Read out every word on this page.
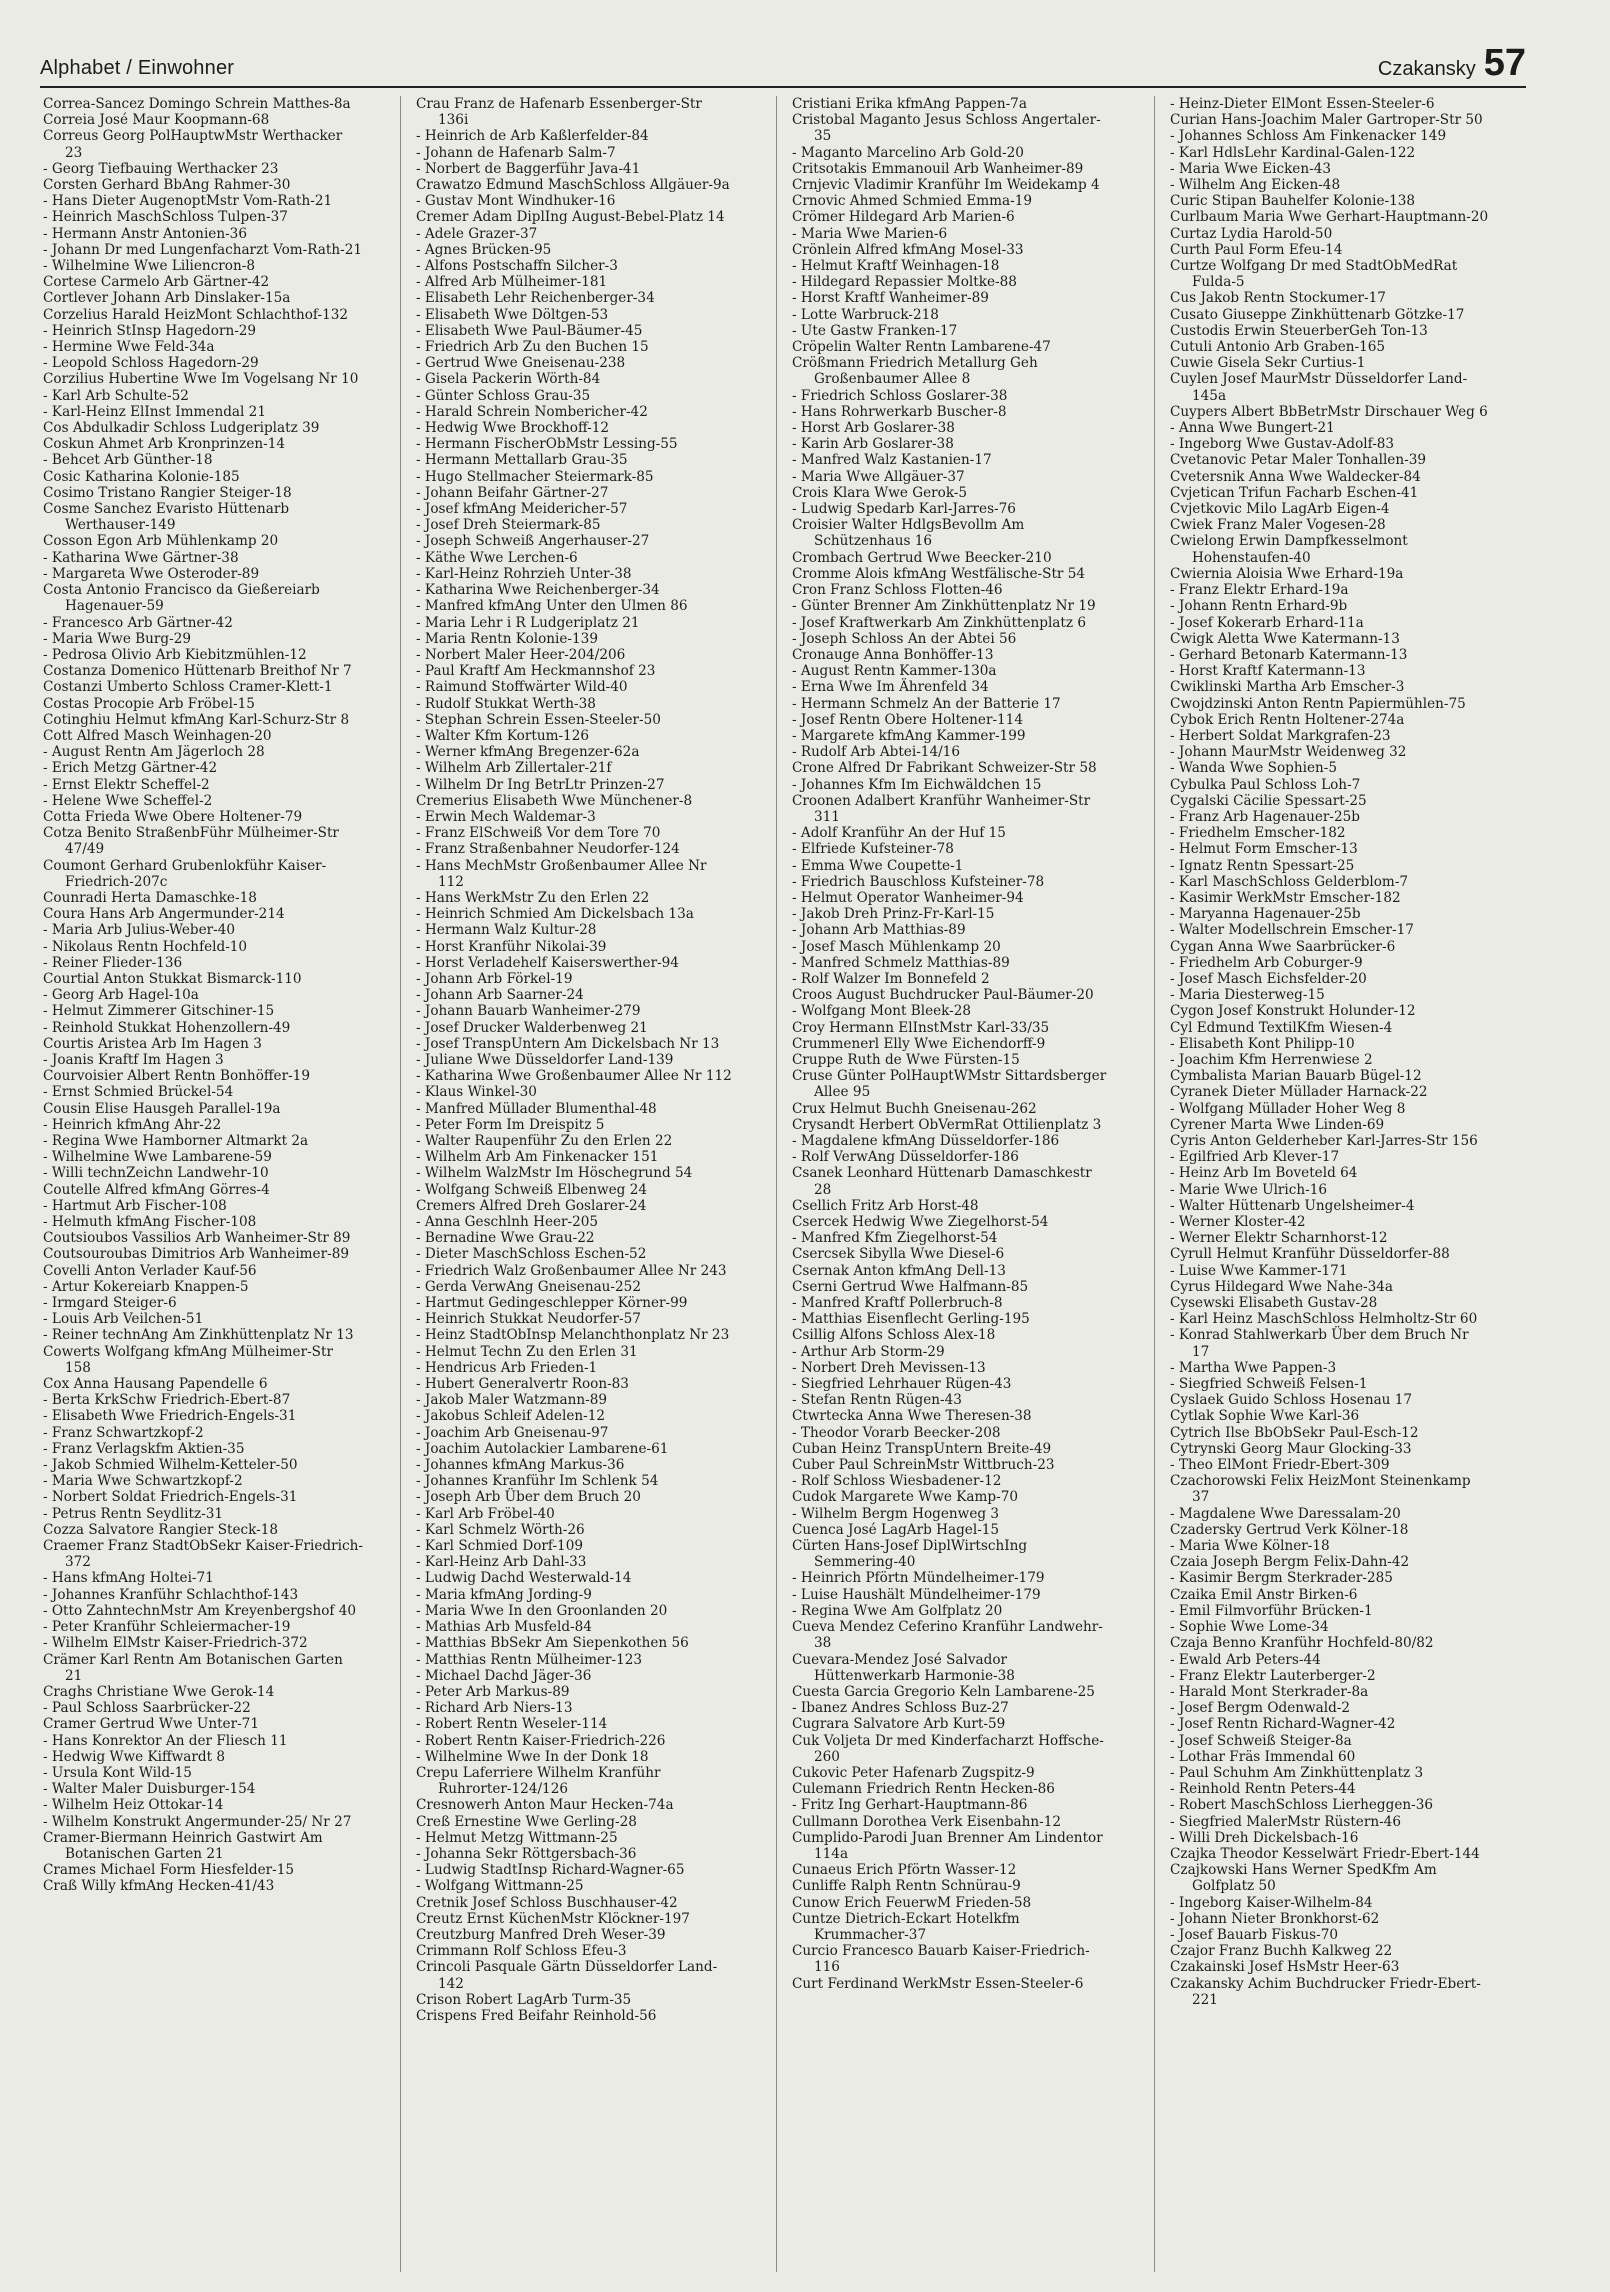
Alphabet / Einwohner	Czakansky 57
Correa-Sancez Domingo Schrein Matthes-8a
Correia José Maur Koopmann-68
Correus Georg PolHauptwMstr Werthacker 23
- Georg Tiefbauing Werthacker 23
Corsten Gerhard BbAng Rahmer-30
- Hans Dieter AugenoptMstr Vom-Rath-21
- Heinrich MaschSchloss Tulpen-37
- Hermann Anstr Antonien-36
- Johann Dr med Lungenfacharzt Vom-Rath-21
- Wilhelmine Wwe Liliencron-8
Cortese Carmelo Arb Gärtner-42
Cortlever Johann Arb Dinslaker-15a
Corzelius Harald HeizMont Schlachthof-132
- Heinrich StInsp Hagedorn-29
- Hermine Wwe Feld-34a
- Leopold Schloss Hagedorn-29
Corzilius Hubertine Wwe Im Vogelsang Nr 10
- Karl Arb Schulte-52
- Karl-Heinz ElInst Immendal 21
Cos Abdulkadir Schloss Ludgeriplatz 39
Coskun Ahmet Arb Kronprinzen-14
- Behcet Arb Günther-18
Cosic Katharina Kolonie-185
Cosimo Tristano Rangier Steiger-18
Cosme Sanchez Evaristo Hüttenarb Werthauser-149
Cosson Egon Arb Mühlenkamp 20
- Katharina Wwe Gärtner-38
- Margareta Wwe Osteroder-89
Costa Antonio Francisco da Gießereiarb Hagenauer-59
- Francesco Arb Gärtner-42
- Maria Wwe Burg-29
- Pedrosa Olivio Arb Kiebitzmühlen-12
Costanza Domenico Hüttenarb Breithof Nr 7
Costanzi Umberto Schloss Cramer-Klett-1
Costas Procopie Arb Fröbel-15
Cotinghiu Helmut kfmAng Karl-Schurz-Str 8
Cott Alfred Masch Weinhagen-20
- August Rentn Am Jägerloch 28
- Erich Metzg Gärtner-42
- Ernst Elektr Scheffel-2
- Helene Wwe Scheffel-2
Cotta Frieda Wwe Obere Holtener-79
Cotza Benito StraßenbFühr Mülheimer-Str 47/49
Coumont Gerhard Grubenlokführ Kaiser-Friedrich-207c
Counradi Herta Damaschke-18
Coura Hans Arb Angermunder-214
- Maria Arb Julius-Weber-40
- Nikolaus Rentn Hochfeld-10
- Reiner Flieder-136
Courtial Anton Stukkat Bismarck-110
- Georg Arb Hagel-10a
- Helmut Zimmerer Gitschiner-15
- Reinhold Stukkat Hohenzollern-49
Courtis Aristea Arb Im Hagen 3
- Joanis Kraftf Im Hagen 3
Courvoisier Albert Rentn Bonhöffer-19
- Ernst Schmied Brückel-54
Cousin Elise Hausgeh Parallel-19a
- Heinrich kfmAng Ahr-22
- Regina Wwe Hamborner Altmarkt 2a
- Wilhelmine Wwe Lambarene-59
- Willi technZeichn Landwehr-10
Coutelle Alfred kfmAng Görres-4
- Hartmut Arb Fischer-108
- Helmuth kfmAng Fischer-108
Coutsioubos Vassilios Arb Wanheimer-Str 89
Coutsouroubas Dimitrios Arb Wanheimer-89
Covelli Anton Verlader Kauf-56
- Artur Kokereiarb Knappen-5
- Irmgard Steiger-6
- Louis Arb Veilchen-51
- Reiner technAng Am Zinkhüttenplatz Nr 13
Cowerts Wolfgang kfmAng Mülheimer-Str 158
Cox Anna Hausang Papendelle 6
- Berta KrkSchw Friedrich-Ebert-87
- Elisabeth Wwe Friedrich-Engels-31
- Franz Schwartzkopf-2
- Franz Verlagskfm Aktien-35
- Jakob Schmied Wilhelm-Ketteler-50
- Maria Wwe Schwartzkopf-2
- Norbert Soldat Friedrich-Engels-31
- Petrus Rentn Seydlitz-31
Cozza Salvatore Rangier Steck-18
Craemer Franz StadtObSekr Kaiser-Friedrich-372
- Hans kfmAng Holtei-71
- Johannes Kranführ Schlachthof-143
- Otto ZahntechnMstr Am Kreyenbergshof 40
- Peter Kranführ Schleiermacher-19
- Wilhelm ElMstr Kaiser-Friedrich-372
Crämer Karl Rentn Am Botanischen Garten 21
Craghs Christiane Wwe Gerok-14
- Paul Schloss Saarbrücker-22
Cramer Gertrud Wwe Unter-71
- Hans Konrektor An der Fliesch 11
- Hedwig Wwe Kiffwardt 8
- Ursula Kont Wild-15
- Walter Maler Duisburger-154
- Wilhelm Heiz Ottokar-14
- Wilhelm Konstrukt Angermunder-25/ Nr 27
Cramer-Biermann Heinrich Gastwirt Am Botanischen Garten 21
Crames Michael Form Hiesfelder-15
Craß Willy kfmAng Hecken-41/43
Crau Franz de Hafenarb Essenberger-Str 136i
- Heinrich de Arb Kaßlerfelder-84
- Johann de Hafenarb Salm-7
- Norbert de Baggerführ Java-41
Crawatzo Edmund MaschSchloss Allgäuer-9a
- Gustav Mont Windhuker-16
Cremer Adam DiplIng August-Bebel-Platz 14
- Adele Grazer-37
- Agnes Brücken-95
- Alfons Postschaffn Silcher-3
- Alfred Arb Mülheimer-181
- Elisabeth Lehr Reichenberger-34
- Elisabeth Wwe Döltgen-53
- Elisabeth Wwe Paul-Bäumer-45
- Friedrich Arb Zu den Buchen 15
- Gertrud Wwe Gneisenau-238
- Gisela Packerin Wörth-84
- Günter Schloss Grau-35
- Harald Schrein Nombericher-42
- Hedwig Wwe Brockhoff-12
- Hermann FischerObMstr Lessing-55
- Hermann Mettallarb Grau-35
- Hugo Stellmacher Steiermark-85
- Johann Beifahr Gärtner-27
- Josef kfmAng Meidericher-57
- Josef Dreh Steiermark-85
- Joseph Schweiß Angerhauser-27
- Käthe Wwe Lerchen-6
- Karl-Heinz Rohrzieh Unter-38
- Katharina Wwe Reichenberger-34
- Manfred kfmAng Unter den Ulmen 86
- Maria Lehr i R Ludgeriplatz 21
- Maria Rentn Kolonie-139
- Norbert Maler Heer-204/206
- Paul Kraftf Am Heckmannshof 23
- Raimund Stoffwärter Wild-40
- Rudolf Stukkat Werth-38
- Stephan Schrein Essen-Steeler-50
- Walter Kfm Kortum-126
- Werner kfmAng Bregenzer-62a
- Wilhelm Arb Zillertaler-21f
- Wilhelm Dr Ing BetrLtr Prinzen-27
Cremerius Elisabeth Wwe Münchener-8
- Erwin Mech Waldemar-3
- Franz ElSchweiß Vor dem Tore 70
- Franz Straßenbahner Neudorfer-124
- Hans MechMstr Großenbaumer Allee Nr 112
- Hans WerkMstr Zu den Erlen 22
- Heinrich Schmied Am Dickelsbach 13a
- Hermann Walz Kultur-28
- Horst Kranführ Nikolai-39
- Horst Verladehelf Kaiserswerther-94
- Johann Arb Förkel-19
- Johann Arb Saarner-24
- Johann Bauarb Wanheimer-279
- Josef Drucker Walderbenweg 21
- Josef TranspUntern Am Dickelsbach Nr 13
- Juliane Wwe Düsseldorfer Land-139
- Katharina Wwe Großenbaumer Allee Nr 112
- Klaus Winkel-30
- Manfred Müllader Blumenthal-48
- Peter Form Im Dreispitz 5
- Walter Raupenführ Zu den Erlen 22
- Wilhelm Arb Am Finkenacker 151
- Wilhelm WalzMstr Im Höschegrund 54
- Wolfgang Schweiß Elbenweg 24
Cremers Alfred Dreh Goslarer-24
- Anna Geschlnh Heer-205
- Bernadine Wwe Grau-22
- Dieter MaschSchloss Eschen-52
- Friedrich Walz Großenbaumer Allee Nr 243
- Gerda VerwAng Gneisenau-252
- Hartmut Gedingeschlepper Körner-99
- Heinrich Stukkat Neudorfer-57
- Heinz StadtObInsp Melanchthonplatz Nr 23
- Helmut Techn Zu den Erlen 31
- Hendricus Arb Frieden-1
- Hubert Generalvertr Roon-83
- Jakob Maler Watzmann-89
- Jakobus Schleif Adelen-12
- Joachim Arb Gneisenau-97
- Joachim Autolackier Lambarene-61
- Johannes kfmAng Markus-36
- Johannes Kranführ Im Schlenk 54
- Joseph Arb Über dem Bruch 20
- Karl Arb Fröbel-40
- Karl Schmelz Wörth-26
- Karl Schmied Dorf-109
- Karl-Heinz Arb Dahl-33
- Ludwig Dachd Westerwald-14
- Maria kfmAng Jording-9
- Maria Wwe In den Groonlanden 20
- Mathias Arb Musfeld-84
- Matthias BbSekr Am Siepenkothen 56
- Matthias Rentn Mülheimer-123
- Michael Dachd Jäger-36
- Peter Arb Markus-89
- Richard Arb Niers-13
- Robert Rentn Weseler-114
- Robert Rentn Kaiser-Friedrich-226
- Wilhelmine Wwe In der Donk 18
Crepu Laferriere Wilhelm Kranführ Ruhrorter-124/126
Cresnowerh Anton Maur Hecken-74a
Creß Ernestine Wwe Gerling-28
- Helmut Metzg Wittmann-25
- Johanna Sekr Röttgersbach-36
- Ludwig StadtInsp Richard-Wagner-65
- Wolfgang Wittmann-25
Cretnik Josef Schloss Buschhauser-42
Creutz Ernst KüchenMstr Klöckner-197
Creutzburg Manfred Dreh Weser-39
Crimmann Rolf Schloss Efeu-3
Crincoli Pasquale Gärtn Düsseldorfer Land-142
Crison Robert LagArb Turm-35
Crispens Fred Beifahr Reinhold-56
Cristiani Erika kfmAng Pappen-7a
Cristobal Maganto Jesus Schloss Angertaler-35
- Maganto Marcelino Arb Gold-20
Critsotakis Emmanouil Arb Wanheimer-89
Crnjevic Vladimir Kranführ Im Weidekamp 4
Crnovic Ahmed Schmied Emma-19
Crömer Hildegard Arb Marien-6
- Maria Wwe Marien-6
Crönlein Alfred kfmAng Mosel-33
- Helmut Kraftf Weinhagen-18
- Hildegard Repassier Moltke-88
- Horst Kraftf Wanheimer-89
- Lotte Warbruck-218
- Ute Gastw Franken-17
Cröpelin Walter Rentn Lambarene-47
Crößmann Friedrich Metallurg Geh Großenbaumer Allee 8
- Friedrich Schloss Goslarer-38
- Hans Rohrwerkarb Buscher-8
- Horst Arb Goslarer-38
- Karin Arb Goslarer-38
- Manfred Walz Kastanien-17
- Maria Wwe Allgäuer-37
Crois Klara Wwe Gerok-5
- Ludwig Spedarb Karl-Jarres-76
Croisier Walter HdlgsBevollm Am Schützenhaus 16
Crombach Gertrud Wwe Beecker-210
Cromme Alois kfmAng Westfälische-Str 54
Cron Franz Schloss Flotten-46
- Günter Brenner Am Zinkhüttenplatz Nr 19
- Josef Kraftwerkarb Am Zinkhüttenplatz 6
- Joseph Schloss An der Abtei 56
Cronauge Anna Bonhöffer-13
- August Rentn Kammer-130a
- Erna Wwe Im Ährenfeld 34
- Hermann Schmelz An der Batterie 17
- Josef Rentn Obere Holtener-114
- Margarete kfmAng Kammer-199
- Rudolf Arb Abtei-14/16
Crone Alfred Dr Fabrikant Schweizer-Str 58
- Johannes Kfm Im Eichwäldchen 15
Croonen Adalbert Kranführ Wanheimer-Str 311
- Adolf Kranführ An der Huf 15
- Elfriede Kufsteiner-78
- Emma Wwe Coupette-1
- Friedrich Bauschloss Kufsteiner-78
- Helmut Operator Wanheimer-94
- Jakob Dreh Prinz-Fr-Karl-15
- Johann Arb Matthias-89
- Josef Masch Mühlenkamp 20
- Manfred Schmelz Matthias-89
- Rolf Walzer Im Bonnefeld 2
Croos August Buchdrucker Paul-Bäumer-20
- Wolfgang Mont Bleek-28
Croy Hermann ElInstMstr Karl-33/35
Crummenerl Elly Wwe Eichendorff-9
Cruppe Ruth de Wwe Fürsten-15
Cruse Günter PolHauptWMstr Sittardsberger Allee 95
Crux Helmut Buchh Gneisenau-262
Crysandt Herbert ObVermRat Ottilienplatz 3
- Magdalene kfmAng Düsseldorfer-186
- Rolf VerwAng Düsseldorfer-186
Csanek Leonhard Hüttenarb Damaschkestr 28
Csellich Fritz Arb Horst-48
Csercek Hedwig Wwe Ziegelhorst-54
- Manfred Kfm Ziegelhorst-54
Csercsek Sibylla Wwe Diesel-6
Csernak Anton kfmAng Dell-13
Cserni Gertrud Wwe Halfmann-85
- Manfred Kraftf Pollerbruch-8
- Matthias Eisenflecht Gerling-195
Csillig Alfons Schloss Alex-18
- Arthur Arb Storm-29
- Norbert Dreh Mevissen-13
- Siegfried Lehrhauer Rügen-43
- Stefan Rentn Rügen-43
Ctwrtecka Anna Wwe Theresen-38
- Theodor Vorarb Beecker-208
Cuban Heinz TranspUntern Breite-49
Cuber Paul SchreinMstr Wittbruch-23
- Rolf Schloss Wiesbadener-12
Cudok Margarete Wwe Kamp-70
- Wilhelm Bergm Hogenweg 3
Cuenca José LagArb Hagel-15
Cürten Hans-Josef DiplWirtschIng Semmering-40
- Heinrich Pförtn Mündelheimer-179
- Luise Haushält Mündelheimer-179
- Regina Wwe Am Golfplatz 20
Cueva Mendez Ceferino Kranführ Landwehr-38
Cuevara-Mendez José Salvador Hüttenwerkarb Harmonie-38
Cuesta Garcia Gregorio Keln Lambarene-25
- Ibanez Andres Schloss Buz-27
Cugrara Salvatore Arb Kurt-59
Cuk Voljeta Dr med Kinderfacharzt Hoffsche-260
Cukovic Peter Hafenarb Zugspitz-9
Culemann Friedrich Rentn Hecken-86
- Fritz Ing Gerhart-Hauptmann-86
Cullmann Dorothea Verk Eisenbahn-12
Cumplido-Parodi Juan Brenner Am Lindentor 114a
Cunaeus Erich Pförtn Wasser-12
Cunliffe Ralph Rentn Schnürau-9
Cunow Erich FeuerwM Frieden-58
Cuntze Dietrich-Eckart Hotelkfm Krummacher-37
Curcio Francesco Bauarb Kaiser-Friedrich-116
Curt Ferdinand WerkMstr Essen-Steeler-6
- Heinz-Dieter ElMont Essen-Steeler-6
Curian Hans-Joachim Maler Gartroper-Str 50
- Johannes Schloss Am Finkenacker 149
- Karl HdlsLehr Kardinal-Galen-122
- Maria Wwe Eicken-43
- Wilhelm Ang Eicken-48
Curic Stipan Bauhelfer Kolonie-138
Curlbaum Maria Wwe Gerhart-Hauptmann-20
Curtaz Lydia Harold-50
Curth Paul Form Efeu-14
Curtze Wolfgang Dr med StadtObMedRat Fulda-5
Cus Jakob Rentn Stockumer-17
Cusato Giuseppe Zinkhüttenarb Götzke-17
Custodis Erwin SteuerberGeh Ton-13
Cutuli Antonio Arb Graben-165
Cuwie Gisela Sekr Curtius-1
Cuylen Josef MaurMstr Düsseldorfer Land-145a
Cuypers Albert BbBetrMstr Dirschauer Weg 6
- Anna Wwe Bungert-21
- Ingeborg Wwe Gustav-Adolf-83
Cvetanovic Petar Maler Tonhallen-39
Cvetersnik Anna Wwe Waldecker-84
Cvjetican Trifun Facharb Eschen-41
Cvjetkovic Milo LagArb Eigen-4
Cwiek Franz Maler Vogesen-28
Cwielong Erwin Dampfkesselmont Hohenstaufen-40
Cwiernia Aloisia Wwe Erhard-19a
- Franz Elektr Erhard-19a
- Johann Rentn Erhard-9b
- Josef Kokerarb Erhard-11a
Cwigk Aletta Wwe Katermann-13
- Gerhard Betonarb Katermann-13
- Horst Kraftf Katermann-13
Cwiklinski Martha Arb Emscher-3
Cwojdzinski Anton Rentn Papiermühlen-75
Cybok Erich Rentn Holtener-274a
- Herbert Soldat Markgrafen-23
- Johann MaurMstr Weidenweg 32
- Wanda Wwe Sophien-5
Cybulka Paul Schloss Loh-7
Cygalski Cäcilie Spessart-25
- Franz Arb Hagenauer-25b
- Friedhelm Emscher-182
- Helmut Form Emscher-13
- Ignatz Rentn Spessart-25
- Karl MaschSchloss Gelderblom-7
- Kasimir WerkMstr Emscher-182
- Maryanna Hagenauer-25b
- Walter Modellschrein Emscher-17
Cygan Anna Wwe Saarbrücker-6
- Friedhelm Arb Coburger-9
- Josef Masch Eichsfelder-20
- Maria Diesterweg-15
Cygon Josef Konstrukt Holunder-12
Cyl Edmund TextilKfm Wiesen-4
- Elisabeth Kont Philipp-10
- Joachim Kfm Herrenwiese 2
Cymbalista Marian Bauarb Bügel-12
Cyranek Dieter Müllader Harnack-22
- Wolfgang Müllader Hoher Weg 8
Cyrener Marta Wwe Linden-69
Cyris Anton Gelderheber Karl-Jarres-Str 156
- Egilfried Arb Klever-17
- Heinz Arb Im Boveteld 64
- Marie Wwe Ulrich-16
- Walter Hüttenarb Ungelsheimer-4
- Werner Kloster-42
- Werner Elektr Scharnhorst-12
Cyrull Helmut Kranführ Düsseldorfer-88
- Luise Wwe Kammer-171
Cyrus Hildegard Wwe Nahe-34a
Cysewski Elisabeth Gustav-28
- Karl Heinz MaschSchloss Helmholtz-Str 60
- Konrad Stahlwerkarb Über dem Bruch Nr 17
- Martha Wwe Pappen-3
- Siegfried Schweiß Felsen-1
Cyslaek Guido Schloss Hosenau 17
Cytlak Sophie Wwe Karl-36
Cytrich Ilse BbObSekr Paul-Esch-12
Cytrynski Georg Maur Glocking-33
- Theo ElMont Friedr-Ebert-309
Czachorowski Felix HeizMont Steinenkamp 37
- Magdalene Wwe Daressalam-20
Czadersky Gertrud Verk Kölner-18
- Maria Wwe Kölner-18
Czaia Joseph Bergm Felix-Dahn-42
- Kasimir Bergm Sterkrader-285
Czaika Emil Anstr Birken-6
- Emil Filmvorführ Brücken-1
- Sophie Wwe Lome-34
Czaja Benno Kranführ Hochfeld-80/82
- Ewald Arb Peters-44
- Franz Elektr Lauterberger-2
- Harald Mont Sterkrader-8a
- Josef Bergm Odenwald-2
- Josef Rentn Richard-Wagner-42
- Josef Schweiß Steiger-8a
- Lothar Fräs Immendal 60
- Paul Schuhm Am Zinkhüttenplatz 3
- Reinhold Rentn Peters-44
- Robert MaschSchloss Lierheggen-36
- Siegfried MalerMstr Rüstern-46
- Willi Dreh Dickelsbach-16
Czajka Theodor Kesselwärt Friedr-Ebert-144
Czajkowski Hans Werner SpedKfm Am Golfplatz 50
- Ingeborg Kaiser-Wilhelm-84
- Johann Nieter Bronkhorst-62
- Josef Bauarb Fiskus-70
Czajor Franz Buchh Kalkweg 22
Czakainski Josef HsMstr Heer-63
Czakansky Achim Buchdrucker Friedr-Ebert-221
